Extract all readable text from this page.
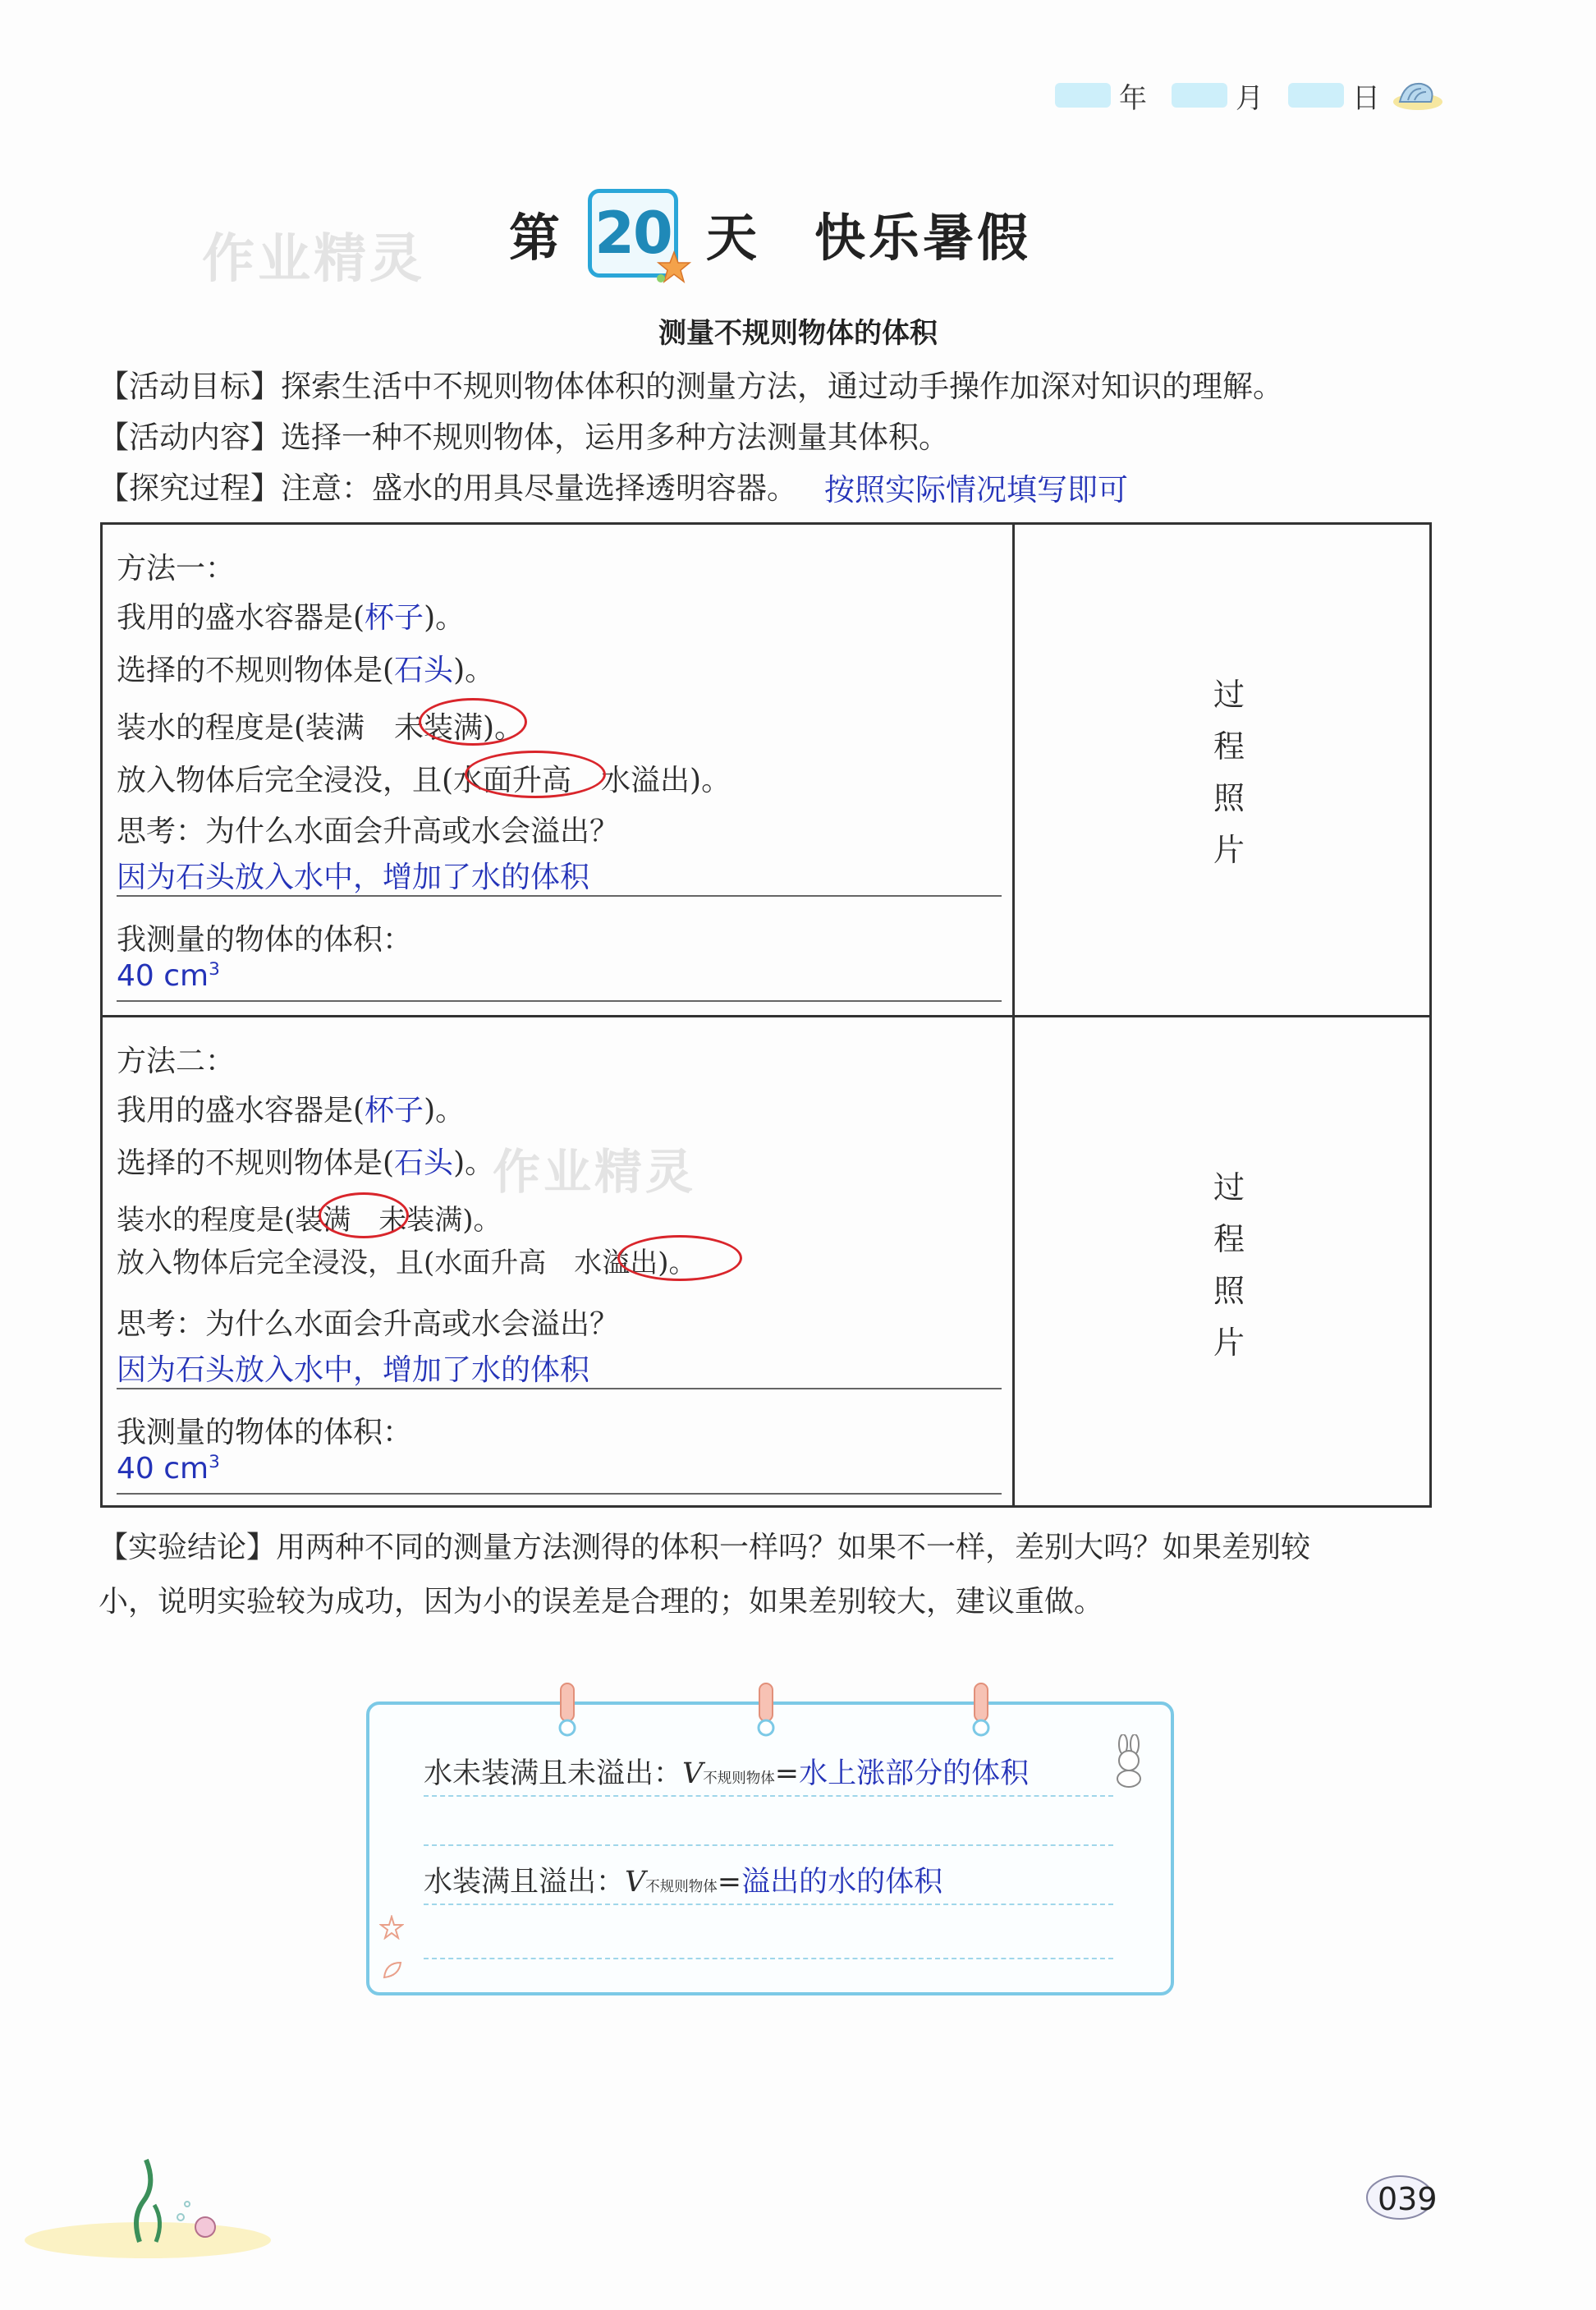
年	月	日
作业精灵 第 20 天 快乐暑假
测量不规则物体的体积
【活动目标】探索生活中不规则物体体积的测量方法，通过动手操作加深对知识的理解。
【活动内容】选择一种不规则物体，运用多种方法测量其体积。
【探究过程】注意：盛水的用具尽量选择透明容器。 按照实际情况填写即可
方法一：
我用的盛水容器是(杯子)。
选择的不规则物体是(石头)。
装水的程度是(装满　未装满)。
放入物体后完全浸没，且(水面升高　水溢出)。
思考：为什么水面会升高或水会溢出？
因为石头放入水中，增加了水的体积
我测量的物体的体积：
40 $cm^3$
过
程
照
片
方法二：
我用的盛水容器是(杯子)。
选择的不规则物体是(石头)。
作业精灵
装水的程度是(装满　未装满)。
放入物体后完全浸没，且(水面升高　水溢出)。
思考：为什么水面会升高或水会溢出？
因为石头放入水中，增加了水的体积
我测量的物体的体积：
40 $cm^3$
过
程
照
片
【实验结论】用两种不同的测量方法测得的体积一样吗？如果不一样，差别大吗？如果差别较
小，说明实验较为成功，因为小的误差是合理的；如果差别较大，建议重做。
水未装满且未溢出：V不规则物体=水上涨部分的体积
水装满且溢出：V不规则物体=溢出的水的体积
039
